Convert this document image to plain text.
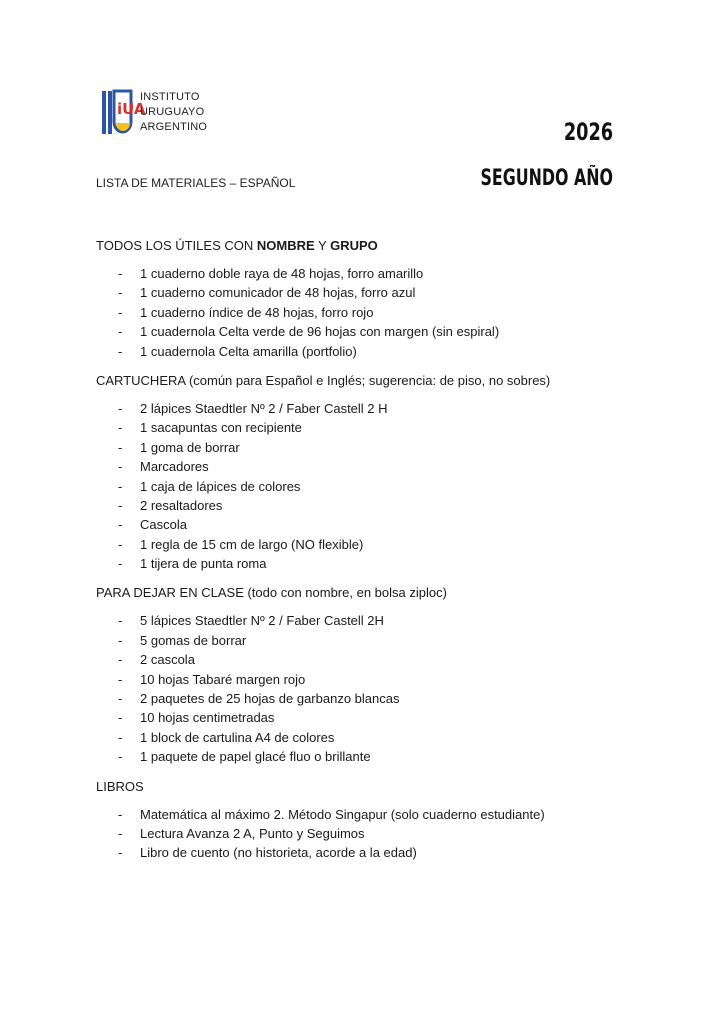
iUA
INSTITUTO
URUGUAYO
ARGENTINO	2026
SEGUNDO AÑO
LISTA DE MATERIALES – ESPAÑOL

TODOS LOS ÚTILES CON NOMBRE Y GRUPO

- 1 cuaderno doble raya de 48 hojas, forro amarillo
- 1 cuaderno comunicador de 48 hojas, forro azul
- 1 cuaderno índice de 48 hojas, forro rojo
- 1 cuadernola Celta verde de 96 hojas con margen (sin espiral)
- 1 cuadernola Celta amarilla (portfolio)

CARTUCHERA (común para Español e Inglés; sugerencia: de piso, no sobres)

- 2 lápices Staedtler Nº 2 / Faber Castell 2 H
- 1 sacapuntas con recipiente
- 1 goma de borrar
- Marcadores
- 1 caja de lápices de colores
- 2 resaltadores
- Cascola
- 1 regla de 15 cm de largo (NO flexible)
- 1 tijera de punta roma

PARA DEJAR EN CLASE (todo con nombre, en bolsa ziploc)

- 5 lápices Staedtler Nº 2 / Faber Castell 2H
- 5 gomas de borrar
- 2 cascola
- 10 hojas Tabaré margen rojo
- 2 paquetes de 25 hojas de garbanzo blancas
- 10 hojas centimetradas
- 1 block de cartulina A4 de colores
- 1 paquete de papel glacé fluo o brillante

LIBROS

- Matemática al máximo 2. Método Singapur (solo cuaderno estudiante)
- Lectura Avanza 2 A, Punto y Seguimos
- Libro de cuento (no historieta, acorde a la edad)
